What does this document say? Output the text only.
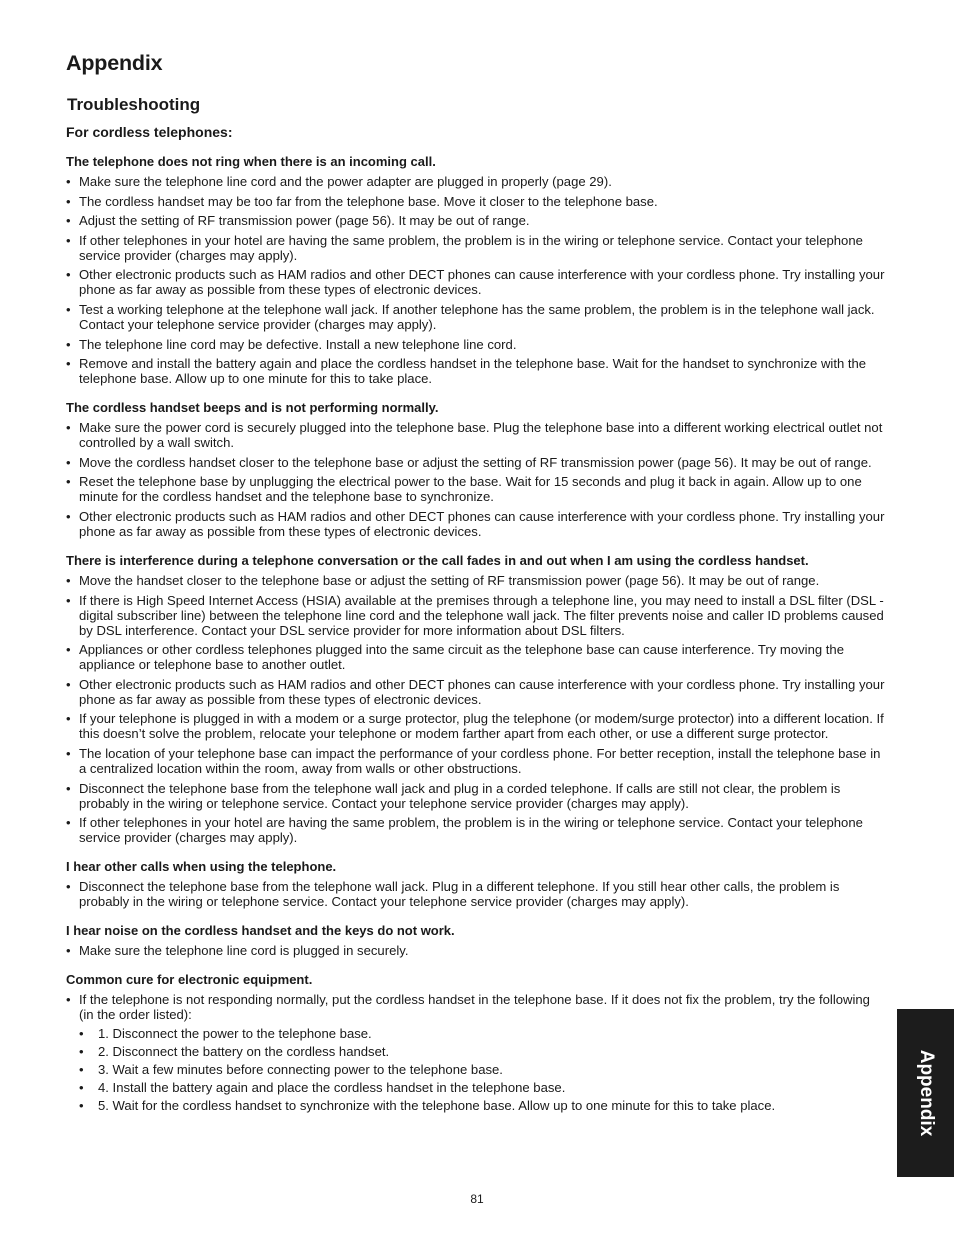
Appendix
Troubleshooting
For cordless telephones:
The telephone does not ring when there is an incoming call.
• Make sure the telephone line cord and the power adapter are plugged in properly (page 29).
• The cordless handset may be too far from the telephone base. Move it closer to the telephone base.
• Adjust the setting of RF transmission power (page 56). It may be out of range.
• If other telephones in your hotel are having the same problem, the problem is in the wiring or telephone service. Contact your telephone service provider (charges may apply).
• Other electronic products such as HAM radios and other DECT phones can cause interference with your cordless phone. Try installing your phone as far away as possible from these types of electronic devices.
• Test a working telephone at the telephone wall jack. If another telephone has the same problem, the problem is in the telephone wall jack. Contact your telephone service provider (charges may apply).
• The telephone line cord may be defective. Install a new telephone line cord.
• Remove and install the battery again and place the cordless handset in the telephone base. Wait for the handset to synchronize with the telephone base. Allow up to one minute for this to take place.
The cordless handset beeps and is not performing normally.
• Make sure the power cord is securely plugged into the telephone base. Plug the telephone base into a different working electrical outlet not controlled by a wall switch.
• Move the cordless handset closer to the telephone base or adjust the setting of RF transmission power (page 56). It may be out of range.
• Reset the telephone base by unplugging the electrical power to the base. Wait for 15 seconds and plug it back in again. Allow up to one minute for the cordless handset and the telephone base to synchronize.
• Other electronic products such as HAM radios and other DECT phones can cause interference with your cordless phone. Try installing your phone as far away as possible from these types of electronic devices.
There is interference during a telephone conversation or the call fades in and out when I am using the cordless handset.
• Move the handset closer to the telephone base or adjust the setting of RF transmission power (page 56). It may be out of range.
• If there is High Speed Internet Access (HSIA) available at the premises through a telephone line, you may need to install a DSL filter (DSL - digital subscriber line) between the telephone line cord and the telephone wall jack. The filter prevents noise and caller ID problems caused by DSL interference. Contact your DSL service provider for more information about DSL filters.
• Appliances or other cordless telephones plugged into the same circuit as the telephone base can cause interference. Try moving the appliance or telephone base to another outlet.
• Other electronic products such as HAM radios and other DECT phones can cause interference with your cordless phone. Try installing your phone as far away as possible from these types of electronic devices.
• If your telephone is plugged in with a modem or a surge protector, plug the telephone (or modem/surge protector) into a different location. If this doesn’t solve the problem, relocate your telephone or modem farther apart from each other, or use a different surge protector.
• The location of your telephone base can impact the performance of your cordless phone. For better reception, install the telephone base in a centralized location within the room, away from walls or other obstructions.
• Disconnect the telephone base from the telephone wall jack and plug in a corded telephone. If calls are still not clear, the problem is probably in the wiring or telephone service. Contact your telephone service provider (charges may apply).
• If other telephones in your hotel are having the same problem, the problem is in the wiring or telephone service. Contact your telephone service provider (charges may apply).
I hear other calls when using the telephone.
• Disconnect the telephone base from the telephone wall jack. Plug in a different telephone. If you still hear other calls, the problem is probably in the wiring or telephone service. Contact your telephone service provider (charges may apply).
I hear noise on the cordless handset and the keys do not work.
• Make sure the telephone line cord is plugged in securely.
Common cure for electronic equipment.
• If the telephone is not responding normally, put the cordless handset in the telephone base. If it does not fix the problem, try the following (in the order listed):
• 1. Disconnect the power to the telephone base.
• 2. Disconnect the battery on the cordless handset.
• 3. Wait a few minutes before connecting power to the telephone base.
• 4. Install the battery again and place the cordless handset in the telephone base.
• 5. Wait for the cordless handset to synchronize with the telephone base. Allow up to one minute for this to take place.	Appendix
81
